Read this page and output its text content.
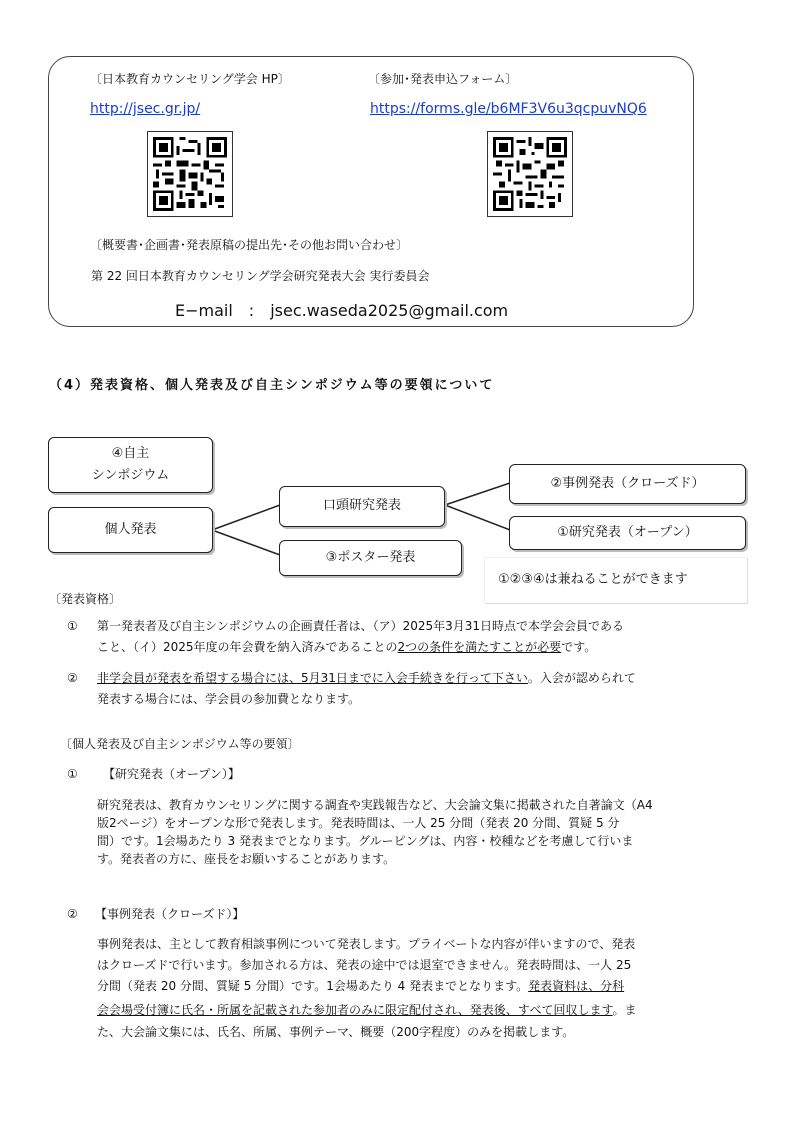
〔日本教育カウンセリング学会 HP〕	〔参加･発表申込フォーム〕
http://jsec.gr.jp/	https://forms.gle/b6MF3V6u3qcpuvNQ6
〔概要書･企画書･発表原稿の提出先･その他お問い合わせ〕
第 22 回日本教育カウンセリング学会研究発表大会 実行委員会
E−mail　:　jsec.waseda2025@gmail.com
（4）発表資格、個人発表及び自主シンポジウム等の要領について
④自主
シンポジウム
個人発表
口頭研究発表
③ポスター発表
②事例発表（クローズド）
①研究発表（オープン）
①②③④は兼ねることができます
〔発表資格〕
① 第一発表者及び自主シンポジウムの企画責任者は、（ア）2025年3月31日時点で本学会会員である
こと、（イ）2025年度の年会費を納入済みであることの2つの条件を満たすことが必要です。
② 非学会員が発表を希望する場合には、5月31日までに入会手続きを行って下さい。入会が認められて
発表する場合には、学会員の参加費となります。
〔個人発表及び自主シンポジウム等の要領〕
① 【研究発表（オープン）】
研究発表は、教育カウンセリングに関する調査や実践報告など、大会論文集に掲載された自著論文（A4
版2ページ）をオープンな形で発表します。発表時間は、一人 25 分間（発表 20 分間、質疑 5 分
間）です。1会場あたり 3 発表までとなります。グルーピングは、内容・校種などを考慮して行いま
す。発表者の方に、座長をお願いすることがあります。
② 【事例発表（クローズド）】
事例発表は、主として教育相談事例について発表します。プライベートな内容が伴いますので、発表
はクローズドで行います。参加される方は、発表の途中では退室できません。発表時間は、一人 25
分間（発表 20 分間、質疑 5 分間）です。1会場あたり 4 発表までとなります。発表資料は、分科
会会場受付簿に氏名・所属を記載された参加者のみに限定配付され、発表後、すべて回収します。ま
た、大会論文集には、氏名、所属、事例テーマ、概要（200字程度）のみを掲載します。
